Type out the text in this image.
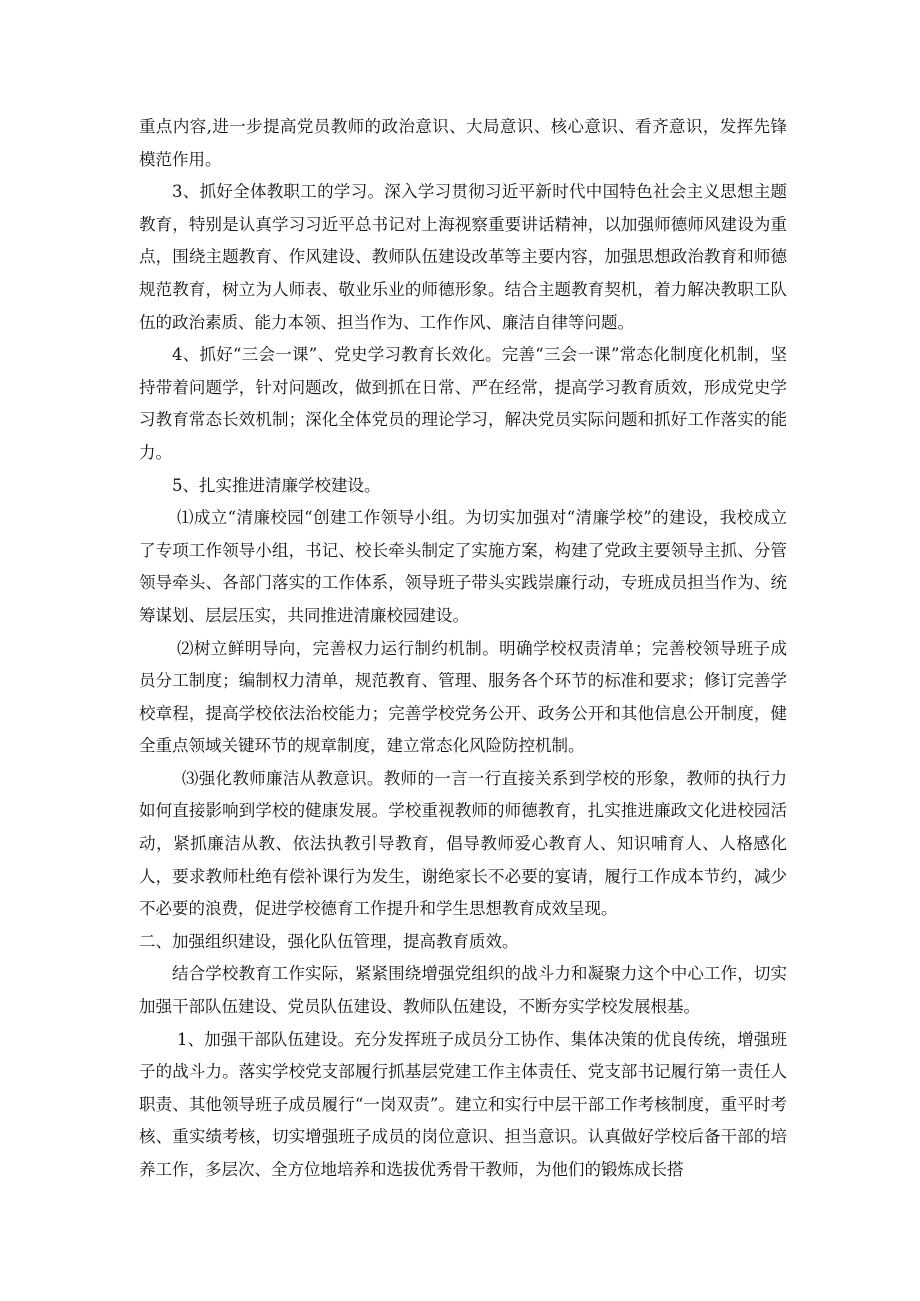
重点内容,进一步提高党员教师的政治意识、大局意识、核心意识、看齐意识，发挥先锋模范作用。

3、抓好全体教职工的学习。深入学习贯彻习近平新时代中国特色社会主义思想主题教育，特别是认真学习习近平总书记对上海视察重要讲话精神，以加强师德师风建设为重点，围绕主题教育、作风建设、教师队伍建设改革等主要内容，加强思想政治教育和师德规范教育，树立为人师表、敬业乐业的师德形象。结合主题教育契机，着力解决教职工队伍的政治素质、能力本领、担当作为、工作作风、廉洁自律等问题。

4、抓好“三会一课”、党史学习教育长效化。完善“三会一课”常态化制度化机制，坚持带着问题学，针对问题改，做到抓在日常、严在经常，提高学习教育质效，形成党史学习教育常态长效机制；深化全体党员的理论学习，解决党员实际问题和抓好工作落实的能力。

5、扎实推进清廉学校建设。

⑴成立“清廉校园“创建工作领导小组。为切实加强对“清廉学校”的建设，我校成立了专项工作领导小组，书记、校长牵头制定了实施方案，构建了党政主要领导主抓、分管领导牵头、各部门落实的工作体系，领导班子带头实践崇廉行动，专班成员担当作为、统筹谋划、层层压实，共同推进清廉校园建设。

⑵树立鲜明导向，完善权力运行制约机制。明确学校权责清单；完善校领导班子成员分工制度；编制权力清单，规范教育、管理、服务各个环节的标准和要求；修订完善学校章程，提高学校依法治校能力；完善学校党务公开、政务公开和其他信息公开制度，健全重点领域关键环节的规章制度，建立常态化风险防控机制。

⑶强化教师廉洁从教意识。教师的一言一行直接关系到学校的形象，教师的执行力如何直接影响到学校的健康发展。学校重视教师的师德教育，扎实推进廉政文化进校园活动，紧抓廉洁从教、依法执教引导教育，倡导教师爱心教育人、知识哺育人、人格感化人，要求教师杜绝有偿补课行为发生，谢绝家长不必要的宴请，履行工作成本节约，减少不必要的浪费，促进学校德育工作提升和学生思想教育成效呈现。

二、加强组织建设，强化队伍管理，提高教育质效。

结合学校教育工作实际，紧紧围绕增强党组织的战斗力和凝聚力这个中心工作，切实加强干部队伍建设、党员队伍建设、教师队伍建设，不断夯实学校发展根基。

1、加强干部队伍建设。充分发挥班子成员分工协作、集体决策的优良传统，增强班子的战斗力。落实学校党支部履行抓基层党建工作主体责任、党支部书记履行第一责任人职责、其他领导班子成员履行“一岗双责”。建立和实行中层干部工作考核制度，重平时考核、重实绩考核，切实增强班子成员的岗位意识、担当意识。认真做好学校后备干部的培养工作，多层次、全方位地培养和选拔优秀骨干教师，为他们的锻炼成长搭
